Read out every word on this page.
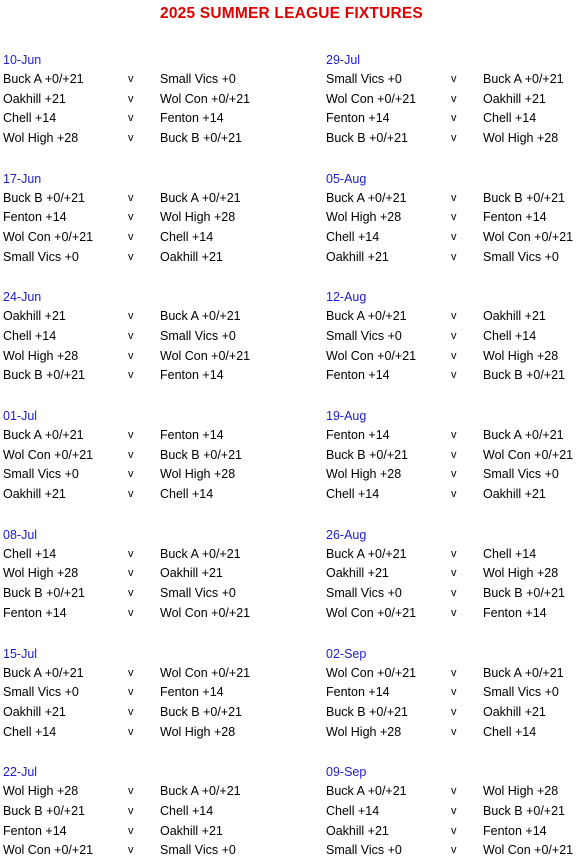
2025 SUMMER LEAGUE FIXTURES
10-Jun
Buck A +0/+21	v Small Vics +0
Oakhill +21	v Wol Con +0/+21
Chell +14	v Fenton +14
Wol High +28	v Buck B +0/+21
17-Jun
Buck B +0/+21	v Buck A +0/+21
Fenton +14	v Wol High +28
Wol Con +0/+21	v Chell +14
Small Vics +0	v Oakhill +21
24-Jun
Oakhill +21	v Buck A +0/+21
Chell +14	v Small Vics +0
Wol High +28	v Wol Con +0/+21
Buck B +0/+21	v Fenton +14
01-Jul
Buck A +0/+21	v Fenton +14
Wol Con +0/+21	v Buck B +0/+21
Small Vics +0	v Wol High +28
Oakhill +21	v Chell +14
08-Jul
Chell +14	v Buck A +0/+21
Wol High +28	v Oakhill +21
Buck B +0/+21	v Small Vics +0
Fenton +14	v Wol Con +0/+21
15-Jul
Buck A +0/+21	v Wol Con +0/+21
Small Vics +0	v Fenton +14
Oakhill +21	v Buck B +0/+21
Chell +14	v Wol High +28
22-Jul
Wol High +28	v Buck A +0/+21
Buck B +0/+21	v Chell +14
Fenton +14	v Oakhill +21
Wol Con +0/+21	v Small Vics +0
29-Jul
Small Vics +0	v Buck A +0/+21
Wol Con +0/+21	v Oakhill +21
Fenton +14	v Chell +14
Buck B +0/+21	v Wol High +28
05-Aug
Buck A +0/+21	v Buck B +0/+21
Wol High +28	v Fenton +14
Chell +14	v Wol Con +0/+21
Oakhill +21	v Small Vics +0
12-Aug
Buck A +0/+21	v Oakhill +21
Small Vics +0	v Chell +14
Wol Con +0/+21	v Wol High +28
Fenton +14	v Buck B +0/+21
19-Aug
Fenton +14	v Buck A +0/+21
Buck B +0/+21	v Wol Con +0/+21
Wol High +28	v Small Vics +0
Chell +14	v Oakhill +21
26-Aug
Buck A +0/+21	v Chell +14
Oakhill +21	v Wol High +28
Small Vics +0	v Buck B +0/+21
Wol Con +0/+21	v Fenton +14
02-Sep
Wol Con +0/+21	v Buck A +0/+21
Fenton +14	v Small Vics +0
Buck B +0/+21	v Oakhill +21
Wol High +28	v Chell +14
09-Sep
Buck A +0/+21	v Wol High +28
Chell +14	v Buck B +0/+21
Oakhill +21	v Fenton +14
Small Vics +0	v Wol Con +0/+21
